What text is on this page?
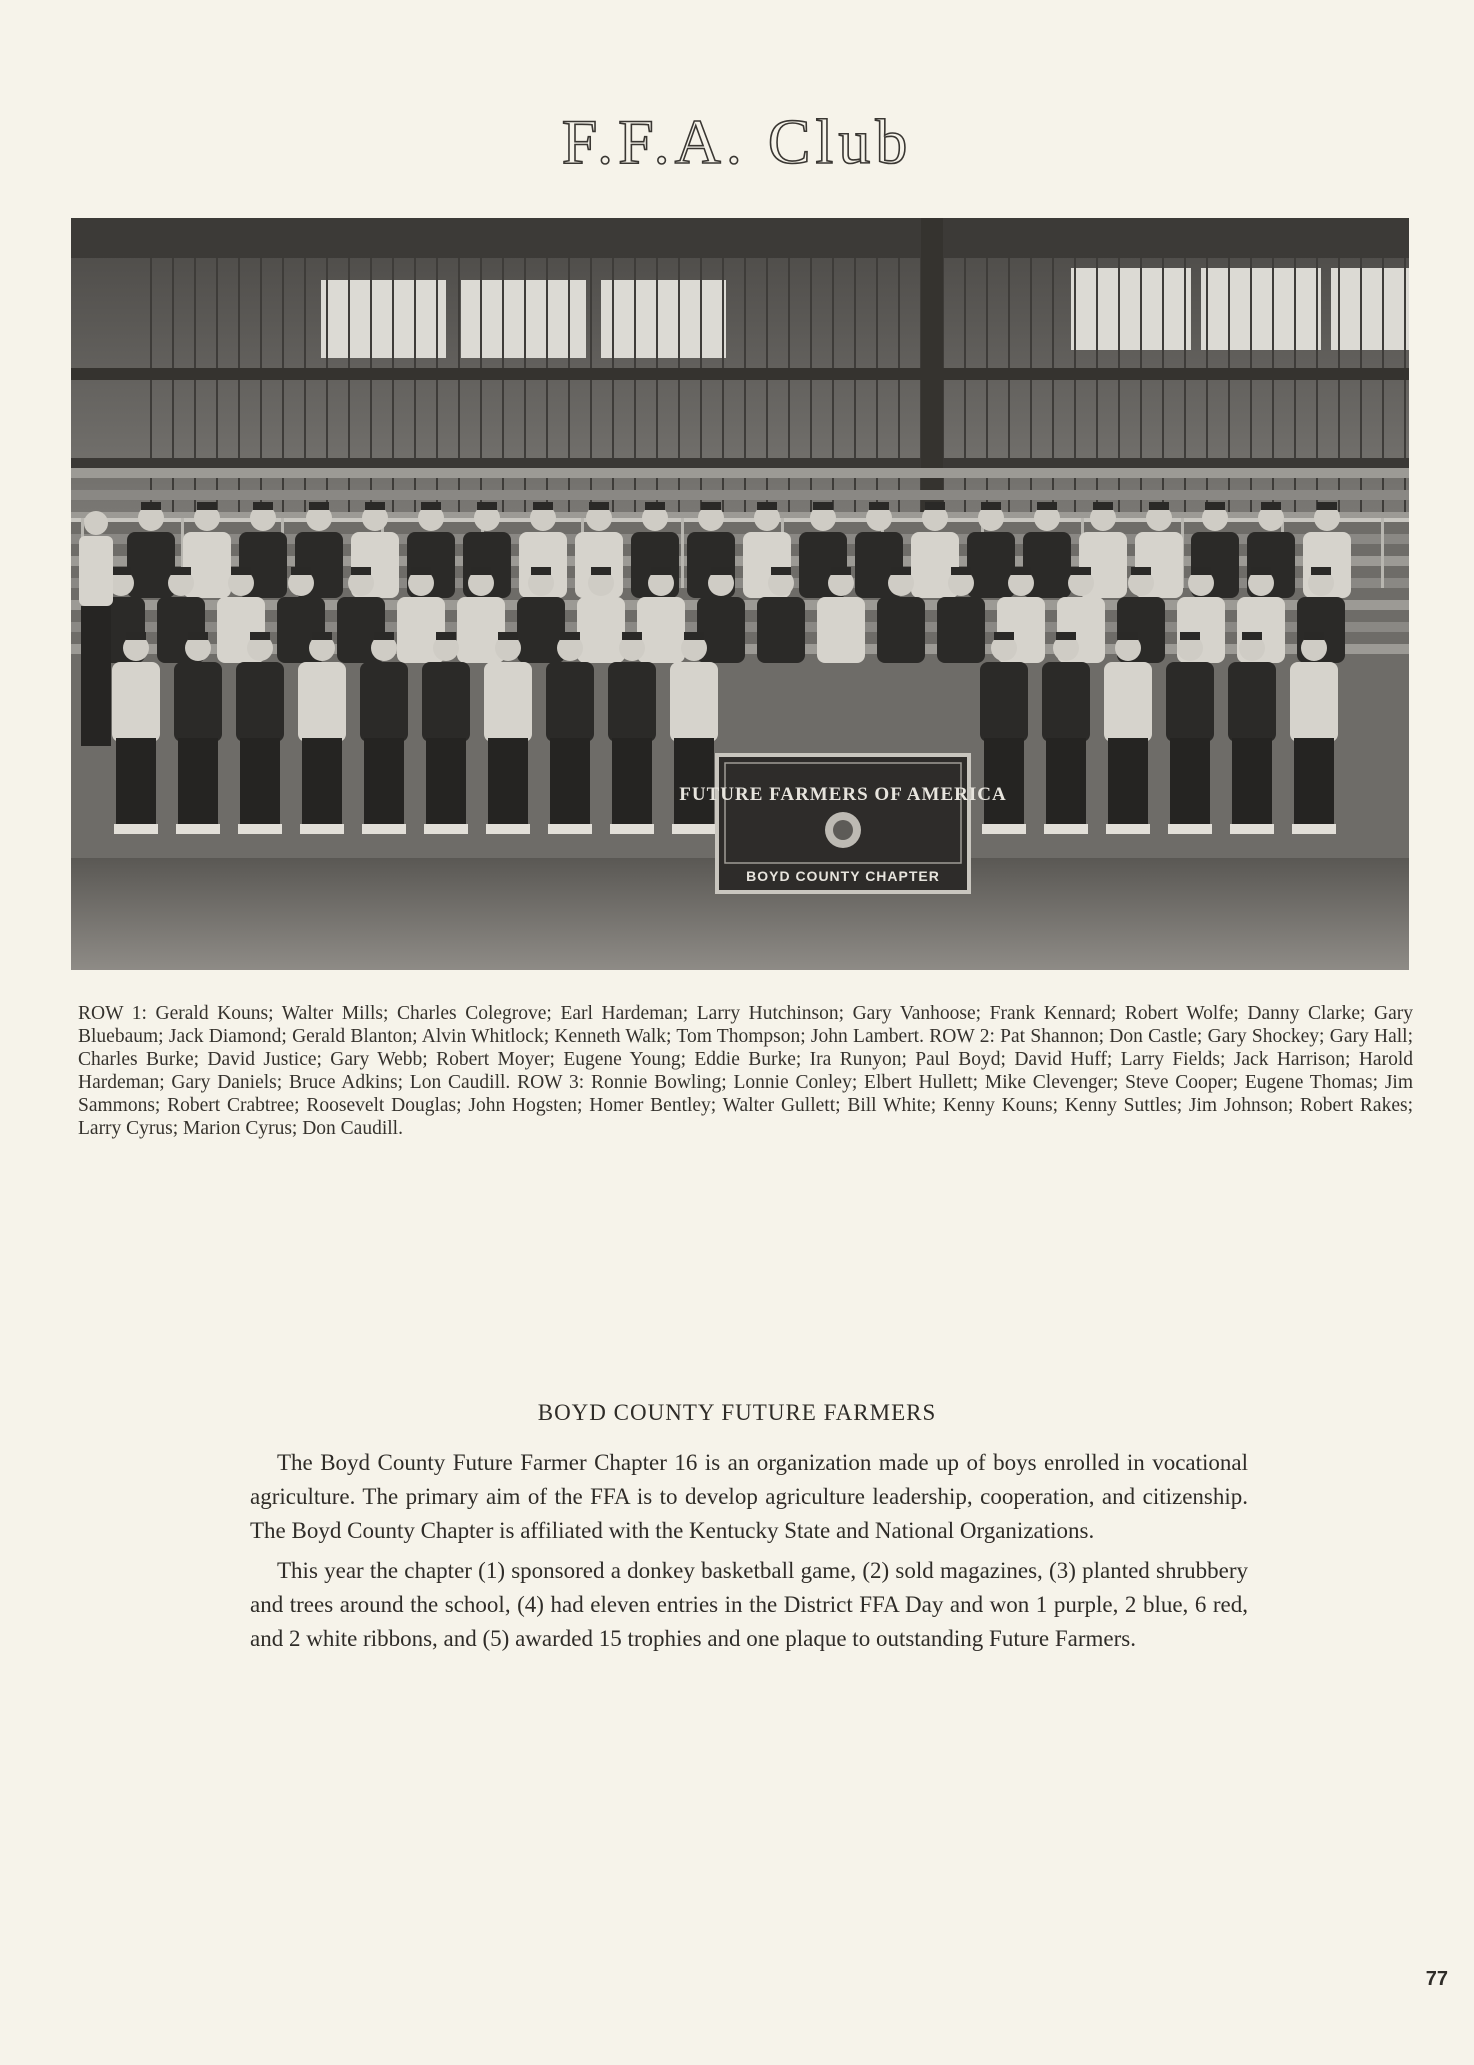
F.F.A. Club
FUTURE FARMERS OF AMERICA
BOYD COUNTY CHAPTER
ROW 1: Gerald Kouns; Walter Mills; Charles Colegrove; Earl Hardeman; Larry Hutchinson; Gary Vanhoose; Frank Kennard; Robert Wolfe; Danny Clarke; Gary Bluebaum; Jack Diamond; Gerald Blanton; Alvin Whitlock; Kenneth Walk; Tom Thompson; John Lambert. ROW 2: Pat Shannon; Don Castle; Gary Shockey; Gary Hall; Charles Burke; David Justice; Gary Webb; Robert Moyer; Eugene Young; Eddie Burke; Ira Runyon; Paul Boyd; David Huff; Larry Fields; Jack Harrison; Harold Hardeman; Gary Daniels; Bruce Adkins; Lon Caudill. ROW 3: Ronnie Bowling; Lonnie Conley; Elbert Hullett; Mike Clevenger; Steve Cooper; Eugene Thomas; Jim Sammons; Robert Crabtree; Roosevelt Douglas; John Hogsten; Homer Bentley; Walter Gullett; Bill White; Kenny Kouns; Kenny Suttles; Jim Johnson; Robert Rakes; Larry Cyrus; Marion Cyrus; Don Caudill.
BOYD COUNTY FUTURE FARMERS

The Boyd County Future Farmer Chapter 16 is an organization made up of boys enrolled in vocational agriculture. The primary aim of the FFA is to develop agriculture leadership, cooperation, and citizenship. The Boyd County Chapter is affiliated with the Kentucky State and National Organizations.

This year the chapter (1) sponsored a donkey basketball game, (2) sold magazines, (3) planted shrubbery and trees around the school, (4) had eleven entries in the District FFA Day and won 1 purple, 2 blue, 6 red, and 2 white ribbons, and (5) awarded 15 trophies and one plaque to outstanding Future Farmers.

77
